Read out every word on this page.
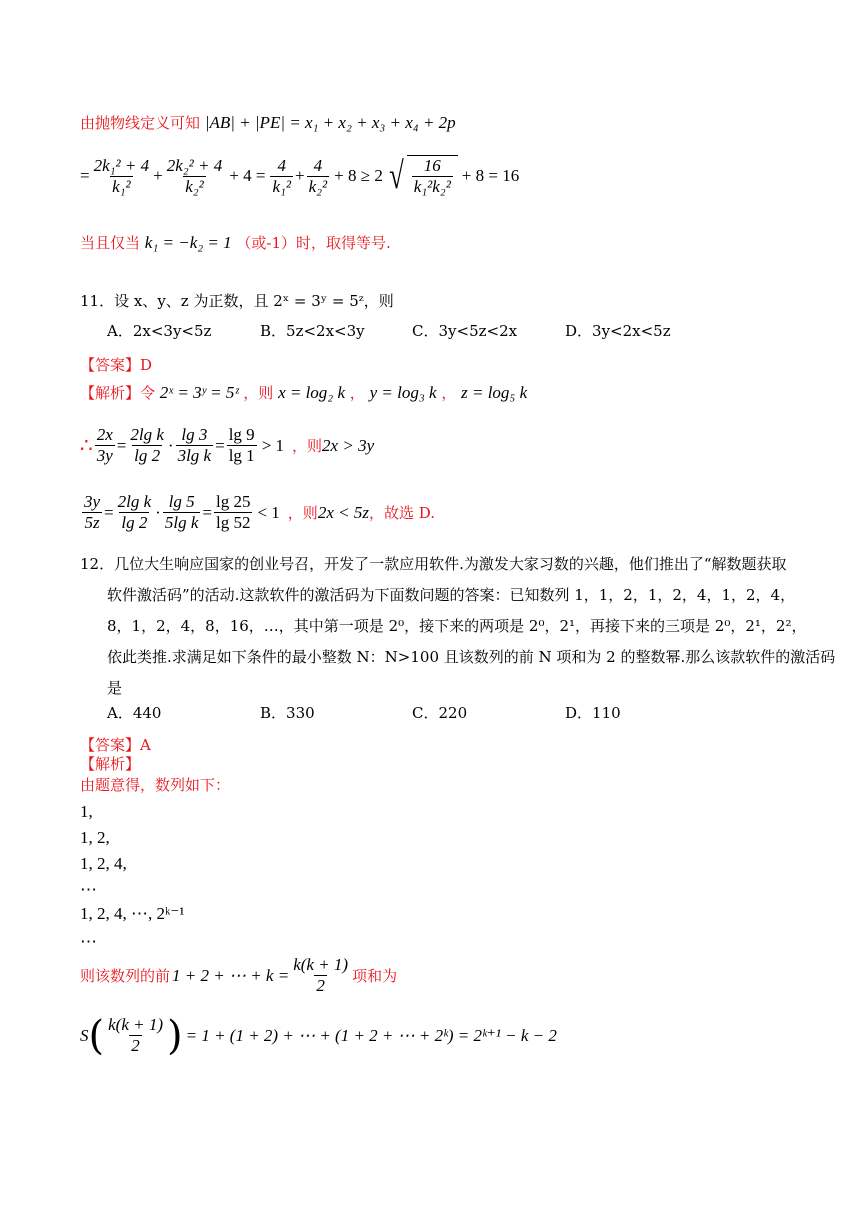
由抛物线定义可知 |AB| + |PE| = x₁ + x₂ + x₃ + x₄ + 2p
= $\frac{\text{2k₁² + 4}}{\text{k₁²}} + \frac{\text{2k₂² + 4}}{\text{k₂²}} + 4 = \frac{4}{\text{k₁²}} + \frac{4}{\text{k₂²}} + 8 \ge 2$ √ $\frac{16}{\text{k₁²k₂²}} + 8 = 16$
当且仅当 k₁ = −k₂ = 1 （或-1）时，取得等号.
11．设 x、y、z 为正数，且 2ˣ = 3ʸ = 5ᶻ，则
A．2x<3y<5z	B．5z<2x<3y	C．3y<5z<2x	D．3y<2x<5z
【答案】D
【解析】令 2ˣ = 3ʸ = 5ᶻ ，则 x = log₂ k ， y = log₃ k ， z = log₅ k
∴ $\frac{2x}{3y} = \frac{\text{2lg k}}{\lg 2} \cdot \frac{\lg 3}{\text{3lg k}} = \frac{\lg 9}{\lg 1} > 1$ ，则 2x > 3y
$\frac{3y}{5z} = \frac{\text{2lg k}}{\lg 2} \cdot \frac{\lg 5}{\text{5lg k}} = \frac{\lg 25}{\lg 52} < 1$ ，则 2x < 5z ，故选 D.
12．几位大生响应国家的创业号召，开发了一款应用软件.为激发大家习数的兴趣，他们推出了“解数题获取
软件激活码”的活动.这款软件的激活码为下面数问题的答案：已知数列 1，1，2，1，2，4，1，2，4，
8，1，2，4，8，16，…，其中第一项是 2⁰，接下来的两项是 2⁰，2¹，再接下来的三项是 2⁰，2¹，2²，
依此类推.求满足如下条件的最小整数 N：N>100 且该数列的前 N 项和为 2 的整数幂.那么该款软件的激活码
是
A．440	B．330	C．220	D．110
【答案】A
【解析】
由题意得，数列如下：
1,
1, 2,
1, 2, 4,
⋯
1, 2, 4, ⋯, 2ᵏ⁻¹
⋯
则该数列的前 1 + 2 + ⋯ + $k = \frac{k(k + 1)}{2}$ 项和为
S ( $\frac{k(k + 1)}{2}$ ) = 1 + (1 + 2) + ⋯ + (1 + 2 + ⋯ + 2ᵏ) = 2ᵏ⁺¹ − k − 2
